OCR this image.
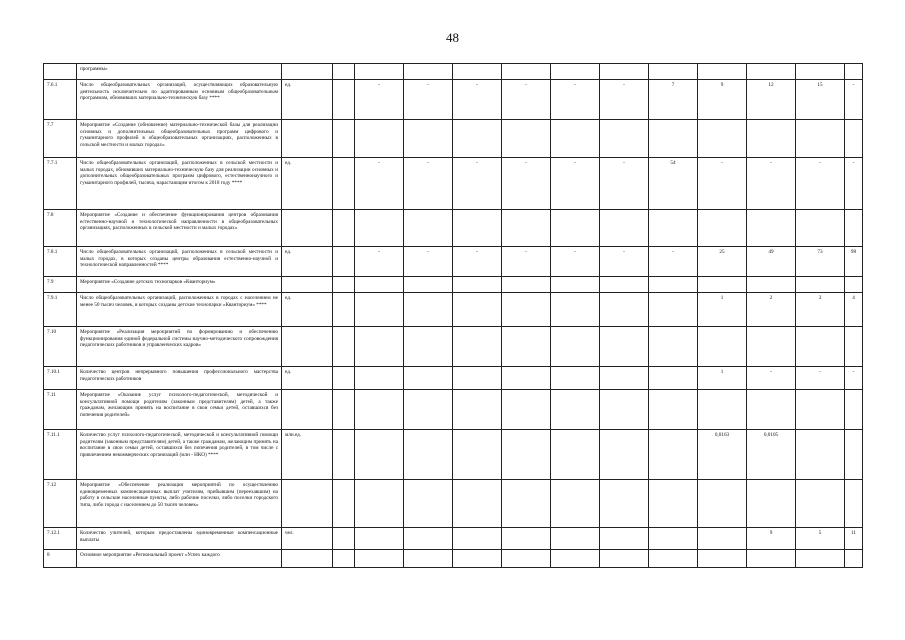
48
	программы»														
7.6.1	Число общеобразовательных организаций, осуществляющих образовательную деятельность исключительно по адаптированным основным общеобразовательным программам, обновивших материально-техническую базу ****	ед.		-	-	-	-	-	-	7	9	12	15	-	
7.7	Мероприятие «Создание (обновление) материально-технической базы для реализации основных и дополнительных общеобразовательных программ цифрового и гуманитарного профилей в общеобразовательных организациях, расположенных в сельской местности и малых городах»														
7.7.1	Число общеобразовательных организаций, расположенных в сельской местности и малых городах, обновивших материально-техническую базу для реализации основных и дополнительных общеобразовательных программ цифрового, естественнонаучного и гуманитарного профилей, тысяча, нарастающим итогом к 2018 году ****	ед.		-	-	-	-	-	-	54	-	-	-	-	
7.8	Мероприятие «Создание и обеспечение функционирования центров образования естественно-научной и технологической направленности в общеобразовательных организациях, расположенных в сельской местности и малых городах»														
7.8.1	Число общеобразовательных организаций, расположенных в сельской местности и малых городах, в которых созданы центры образования естественно-научной и технологической направленностей ****	ед.		-	-	-	-	-	-	-	25	49	73	98	
7.9	Мероприятие «Создание детских технопарков «Кванториум»														
7.9.1	Число общеобразовательных организаций, расположенных в городах с населением не менее 50 тысяч человек, в которых созданы детские технопарки «Кванториум» ****	ед.									1	2	3	4	
7.10	Мероприятие «Реализация мероприятий по формированию и обеспечению функционирования единой федеральной системы научно-методического сопровождения педагогических работников и управленческих кадров»														
7.10.1	Количество центров непрерывного повышения профессионального мастерства педагогических работников	ед.									1	-	-	-	
7.11	Мероприятие «Оказание услуг психолого-педагогической, методической и консультативной помощи родителям (законным представителям) детей, а также гражданам, желающим принять на воспитание в свои семьи детей, оставшихся без попечения родителей»														
7.11.1	Количество услуг психолого-педагогической, методической и консультативной помощи родителям (законным представителям) детей, а также гражданам, желающим принять на воспитание в свои семьи детей, оставшихся без попечения родителей, в том числе с привлечением некоммерческих организаций (млн - НКО) ****	млн.ед.									0,0163	0,0105			
7.12	Мероприятие «Обеспечение реализации мероприятий по осуществлению единовременных компенсационных выплат учителям, прибывшим (переехавшим) на работу в сельские населенные пункты, либо рабочие поселки, либо поселки городского типа, либо города с населением до 50 тысяч человек»														
7.12.1	Количество учителей, которым предоставлены единовременные компенсационные выплаты	чел.										9	5	11	
8	Основное мероприятие «Региональный проект «Успех каждого														
